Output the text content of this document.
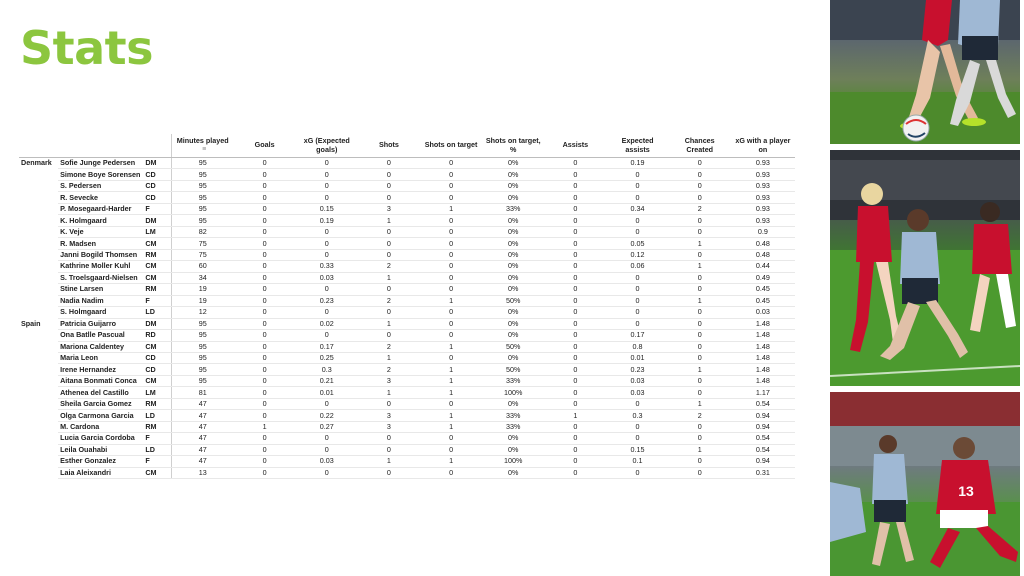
Stats
			Minutes played≡	Goals	xG (Expected goals)	Shots	Shots on target	Shots on target, %	Assists	Expected assists	Chances Created	xG with a player on
Denmark	Sofie Junge Pedersen	DM	95	0	0	0	0	0%	0	0.19	0	0.93
	Simone Boye Sorensen	CD	95	0	0	0	0	0%	0	0	0	0.93
	S. Pedersen	CD	95	0	0	0	0	0%	0	0	0	0.93
	R. Sevecke	CD	95	0	0	0	0	0%	0	0	0	0.93
	P. Mosegaard-Harder	F	95	0	0.15	3	1	33%	0	0.34	2	0.93
	K. Holmgaard	DM	95	0	0.19	1	0	0%	0	0	0	0.93
	K. Veje	LM	82	0	0	0	0	0%	0	0	0	0.9
	R. Madsen	CM	75	0	0	0	0	0%	0	0.05	1	0.48
	Janni Bogild Thomsen	RM	75	0	0	0	0	0%	0	0.12	0	0.48
	Kathrine Moller Kuhl	CM	60	0	0.33	2	0	0%	0	0.06	1	0.44
	S. Troelsgaard-Nielsen	CM	34	0	0.03	1	0	0%	0	0	0	0.49
	Stine Larsen	RM	19	0	0	0	0	0%	0	0	0	0.45
	Nadia Nadim	F	19	0	0.23	2	1	50%	0	0	1	0.45
	S. Holmgaard	LD	12	0	0	0	0	0%	0	0	0	0.03
Spain	Patricia Guijarro	DM	95	0	0.02	1	0	0%	0	0	0	1.48
	Ona Batlle Pascual	RD	95	0	0	0	0	0%	0	0.17	0	1.48
	Mariona Caldentey	CM	95	0	0.17	2	1	50%	0	0.8	0	1.48
	Maria Leon	CD	95	0	0.25	1	0	0%	0	0.01	0	1.48
	Irene Hernandez	CD	95	0	0.3	2	1	50%	0	0.23	1	1.48
	Aitana Bonmati Conca	CM	95	0	0.21	3	1	33%	0	0.03	0	1.48
	Athenea del Castillo	LM	81	0	0.01	1	1	100%	0	0.03	0	1.17
	Sheila Garcia Gomez	RM	47	0	0	0	0	0%	0	0	1	0.54
	Olga Carmona Garcia	LD	47	0	0.22	3	1	33%	1	0.3	2	0.94
	M. Cardona	RM	47	1	0.27	3	1	33%	0	0	0	0.94
	Lucia Garcia Cordoba	F	47	0	0	0	0	0%	0	0	0	0.54
	Leila Ouahabi	LD	47	0	0	0	0	0%	0	0.15	1	0.54
	Esther Gonzalez	F	47	0	0.03	1	1	100%	0	0.1	0	0.94
	Laia Aleixandri	CM	13	0	0	0	0	0%	0	0	0	0.31
13
